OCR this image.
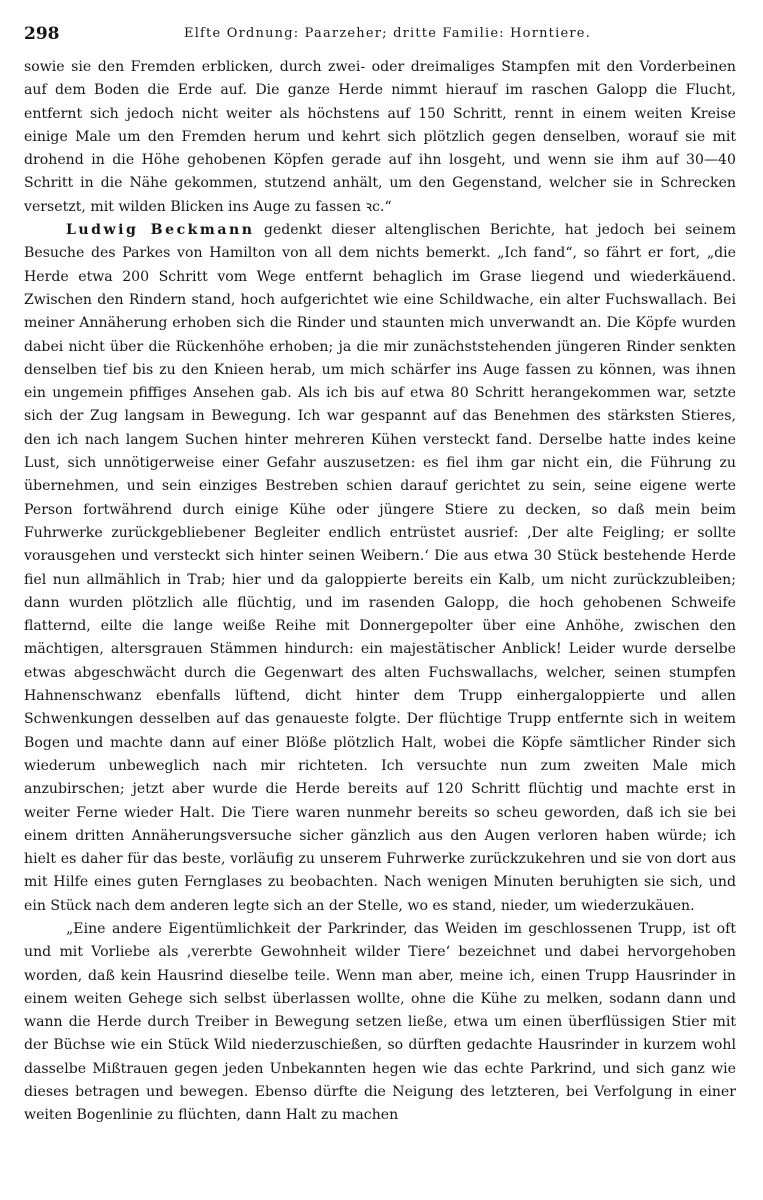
298	Elfte Ordnung: Paarzeher; dritte Familie: Horntiere.

sowie sie den Fremden erblicken, durch zwei- oder dreimaliges Stampfen mit den Vorderbeinen auf dem Boden die Erde auf. Die ganze Herde nimmt hierauf im raschen Galopp die Flucht, entfernt sich jedoch nicht weiter als höchstens auf 150 Schritt, rennt in einem weiten Kreise einige Male um den Fremden herum und kehrt sich plötzlich gegen denselben, worauf sie mit drohend in die Höhe gehobenen Köpfen gerade auf ihn losgeht, und wenn sie ihm auf 30—40 Schritt in die Nähe gekommen, stutzend anhält, um den Gegenstand, welcher sie in Schrecken versetzt, mit wilden Blicken ins Auge zu fassen ꝛc.“

Ludwig Beckmann gedenkt dieser altenglischen Berichte, hat jedoch bei seinem Besuche des Parkes von Hamilton von all dem nichts bemerkt. „Ich fand“, so fährt er fort, „die Herde etwa 200 Schritt vom Wege entfernt behaglich im Grase liegend und wiederkäuend. Zwischen den Rindern stand, hoch aufgerichtet wie eine Schildwache, ein alter Fuchswallach. Bei meiner Annäherung erhoben sich die Rinder und staunten mich unverwandt an. Die Köpfe wurden dabei nicht über die Rückenhöhe erhoben; ja die mir zunächststehenden jüngeren Rinder senkten denselben tief bis zu den Knieen herab, um mich schärfer ins Auge fassen zu können, was ihnen ein ungemein pfiffiges Ansehen gab. Als ich bis auf etwa 80 Schritt herangekommen war, setzte sich der Zug langsam in Bewegung. Ich war gespannt auf das Benehmen des stärksten Stieres, den ich nach langem Suchen hinter mehreren Kühen versteckt fand. Derselbe hatte indes keine Lust, sich unnötigerweise einer Gefahr auszusetzen: es fiel ihm gar nicht ein, die Führung zu übernehmen, und sein einziges Bestreben schien darauf gerichtet zu sein, seine eigene werte Person fortwährend durch einige Kühe oder jüngere Stiere zu decken, so daß mein beim Fuhrwerke zurückgebliebener Begleiter endlich entrüstet ausrief: ‚Der alte Feigling; er sollte vorausgehen und versteckt sich hinter seinen Weibern.‘ Die aus etwa 30 Stück bestehende Herde fiel nun allmählich in Trab; hier und da galoppierte bereits ein Kalb, um nicht zurückzubleiben; dann wurden plötzlich alle flüchtig, und im rasenden Galopp, die hoch gehobenen Schweife flatternd, eilte die lange weiße Reihe mit Donnergepolter über eine Anhöhe, zwischen den mächtigen, altersgrauen Stämmen hindurch: ein majestätischer Anblick! Leider wurde derselbe etwas abgeschwächt durch die Gegenwart des alten Fuchswallachs, welcher, seinen stumpfen Hahnenschwanz ebenfalls lüftend, dicht hinter dem Trupp einhergaloppierte und allen Schwenkungen desselben auf das genaueste folgte. Der flüchtige Trupp entfernte sich in weitem Bogen und machte dann auf einer Blöße plötzlich Halt, wobei die Köpfe sämtlicher Rinder sich wiederum unbeweglich nach mir richteten. Ich versuchte nun zum zweiten Male mich anzubirschen; jetzt aber wurde die Herde bereits auf 120 Schritt flüchtig und machte erst in weiter Ferne wieder Halt. Die Tiere waren nunmehr bereits so scheu geworden, daß ich sie bei einem dritten Annäherungsversuche sicher gänzlich aus den Augen verloren haben würde; ich hielt es daher für das beste, vorläufig zu unserem Fuhrwerke zurückzukehren und sie von dort aus mit Hilfe eines guten Fernglases zu beobachten. Nach wenigen Minuten beruhigten sie sich, und ein Stück nach dem anderen legte sich an der Stelle, wo es stand, nieder, um wiederzukäuen.

„Eine andere Eigentümlichkeit der Parkrinder, das Weiden im geschlossenen Trupp, ist oft und mit Vorliebe als ‚vererbte Gewohnheit wilder Tiere‘ bezeichnet und dabei hervorgehoben worden, daß kein Hausrind dieselbe teile. Wenn man aber, meine ich, einen Trupp Hausrinder in einem weiten Gehege sich selbst überlassen wollte, ohne die Kühe zu melken, sodann dann und wann die Herde durch Treiber in Bewegung setzen ließe, etwa um einen überflüssigen Stier mit der Büchse wie ein Stück Wild niederzuschießen, so dürften gedachte Hausrinder in kurzem wohl dasselbe Mißtrauen gegen jeden Unbekannten hegen wie das echte Parkrind, und sich ganz wie dieses betragen und bewegen. Ebenso dürfte die Neigung des letzteren, bei Verfolgung in einer weiten Bogenlinie zu flüchten, dann Halt zu machen
